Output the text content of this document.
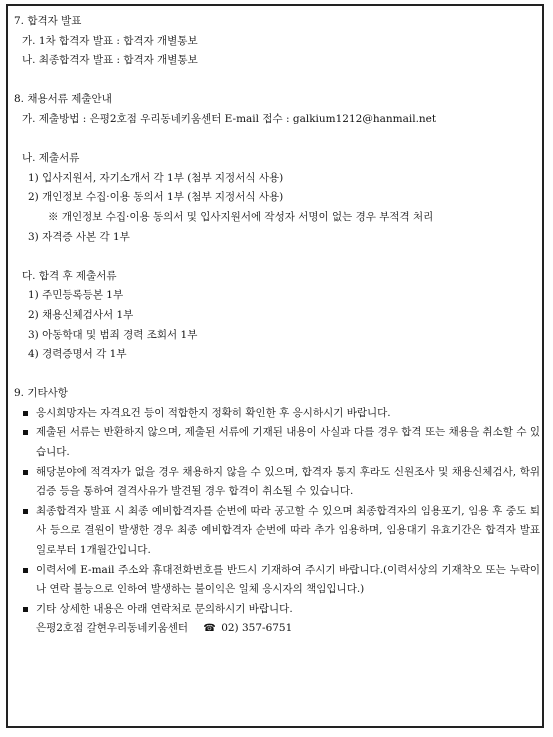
7. 합격자 발표
가. 1차 합격자 발표 : 합격자 개별통보
나. 최종합격자 발표 : 합격자 개별통보
8. 채용서류 제출안내
가. 제출방법 : 은평2호점 우리동네키움센터 E-mail 접수 : galkium1212@hanmail.net
나. 제출서류
1) 입사지원서, 자기소개서 각 1부 (첨부 지정서식 사용)
2) 개인정보 수집·이용 동의서 1부 (첨부 지정서식 사용)
※ 개인정보 수집·이용 동의서 및 입사지원서에 작성자 서명이 없는 경우 부적격 처리
3) 자격증 사본 각 1부
다. 합격 후 제출서류
1) 주민등록등본 1부
2) 채용신체검사서 1부
3) 아동학대 및 범죄 경력 조회서 1부
4) 경력증명서 각 1부
9. 기타사항
응시희망자는 자격요건 등이 적합한지 정확히 확인한 후 응시하시기 바랍니다.
제출된 서류는 반환하지 않으며, 제출된 서류에 기재된 내용이 사실과 다를 경우 합격 또는 채용을 취소할 수 있습니다.
해당분야에 적격자가 없을 경우 채용하지 않을 수 있으며, 합격자 통지 후라도 신원조사 및 채용신체검사, 학위검증 등을 통하여 결격사유가 발견될 경우 합격이 취소될 수 있습니다.
최종합격자 발표 시 최종 예비합격자를 순번에 따라 공고할 수 있으며 최종합격자의 임용포기, 임용 후 중도 퇴사 등으로 결원이 발생한 경우 최종 예비합격자 순번에 따라 추가 임용하며, 임용대기 유효기간은 합격자 발표일로부터 1개월간입니다.
이력서에 E-mail 주소와 휴대전화번호를 반드시 기재하여 주시기 바랍니다.(이력서상의 기재착오 또는 누락이나 연락 불능으로 인하여 발생하는 불이익은 일체 응시자의 책임입니다.)
기타 상세한 내용은 아래 연락처로 문의하시기 바랍니다.
은평2호점 갈현우리동네키움센터 ☎ 02) 357-6751
